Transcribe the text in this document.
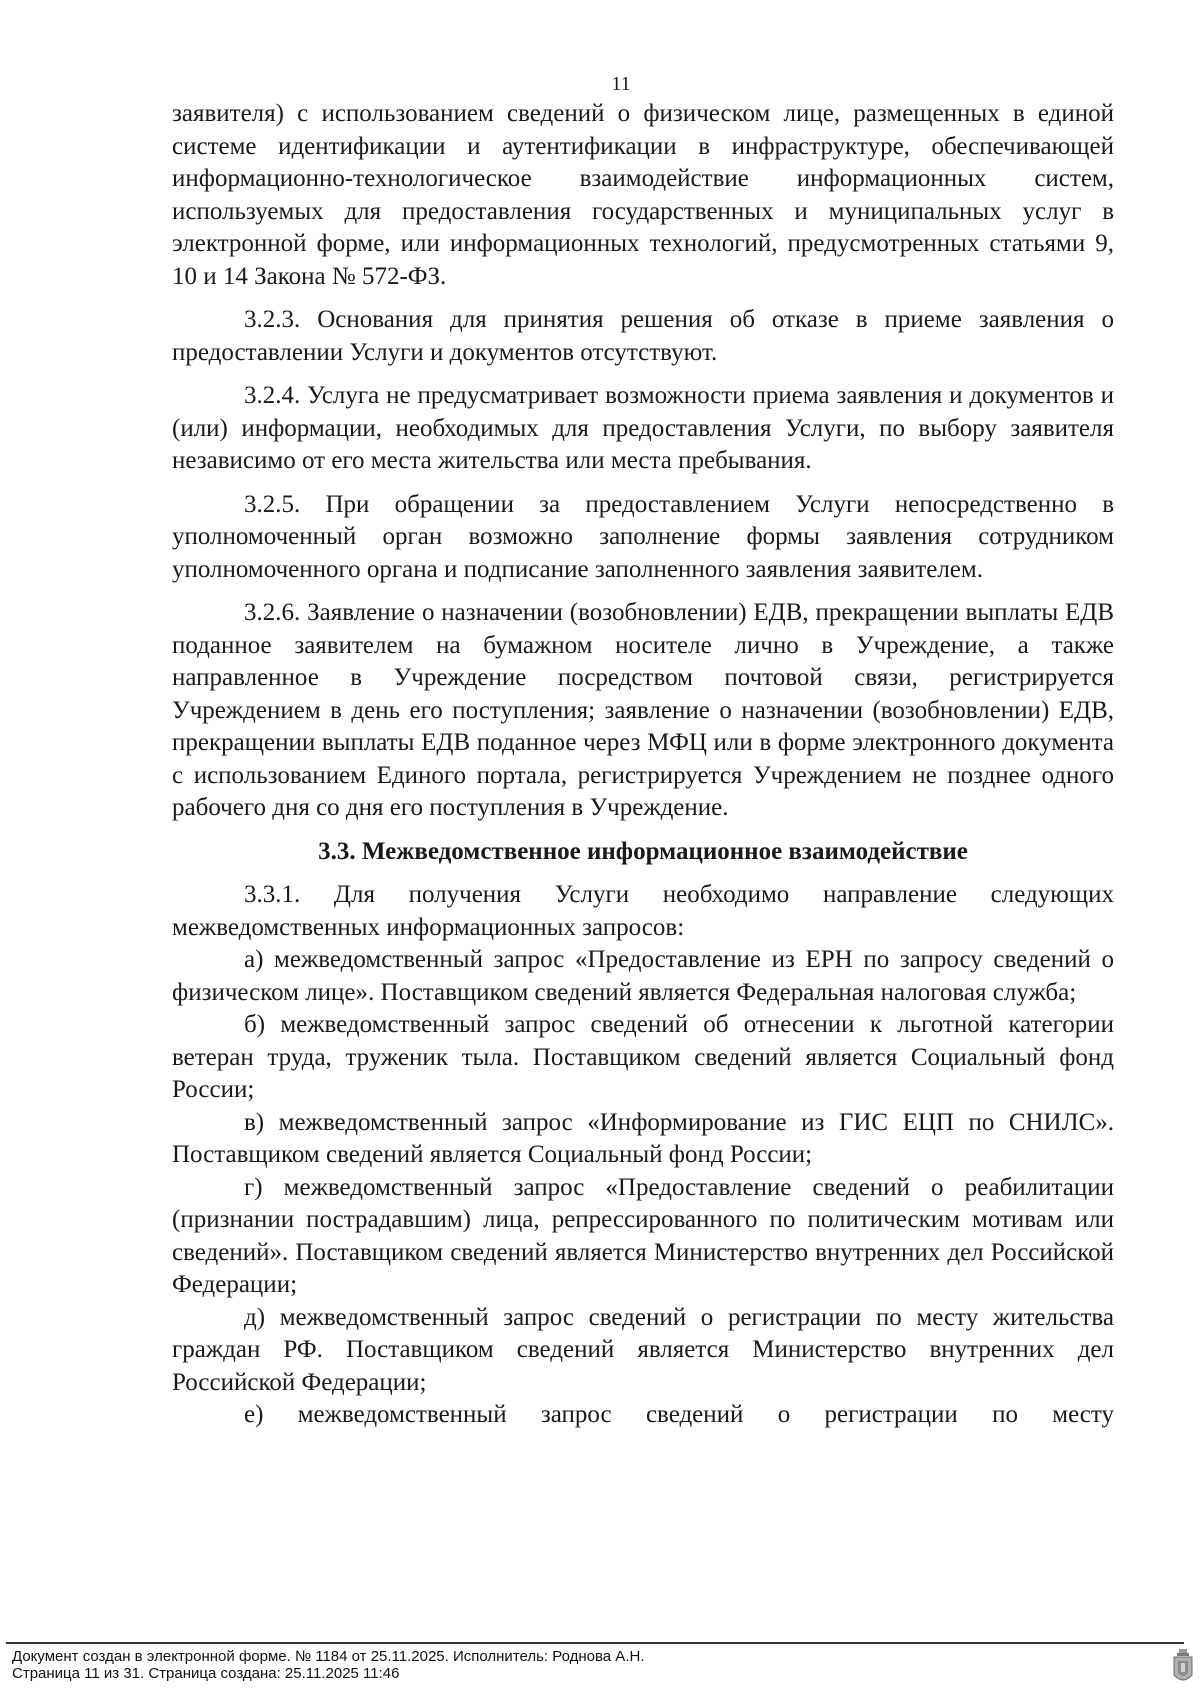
11

заявителя) с использованием сведений о физическом лице, размещенных в единой системе идентификации и аутентификации в инфраструктуре, обеспечивающей информационно-технологическое взаимодействие информационных систем, используемых для предоставления государственных и муниципальных услуг в электронной форме, или информационных технологий, предусмотренных статьями 9, 10 и 14 Закона № 572-ФЗ.

3.2.3. Основания для принятия решения об отказе в приеме заявления о предоставлении Услуги и документов отсутствуют.

3.2.4. Услуга не предусматривает возможности приема заявления и документов и (или) информации, необходимых для предоставления Услуги, по выбору заявителя независимо от его места жительства или места пребывания.

3.2.5. При обращении за предоставлением Услуги непосредственно в уполномоченный орган возможно заполнение формы заявления сотрудником уполномоченного органа и подписание заполненного заявления заявителем.

3.2.6. Заявление о назначении (возобновлении) ЕДВ, прекращении выплаты ЕДВ поданное заявителем на бумажном носителе лично в Учреждение, а также направленное в Учреждение посредством почтовой связи, регистрируется Учреждением в день его поступления; заявление о назначении (возобновлении) ЕДВ, прекращении выплаты ЕДВ поданное через МФЦ или в форме электронного документа с использованием Единого портала, регистрируется Учреждением не позднее одного рабочего дня со дня его поступления в Учреждение.

3.3. Межведомственное информационное взаимодействие

3.3.1. Для получения Услуги необходимо направление следующих межведомственных информационных запросов:

а) межведомственный запрос «Предоставление из ЕРН по запросу сведений о физическом лице». Поставщиком сведений является Федеральная налоговая служба;

б) межведомственный запрос сведений об отнесении к льготной категории ветеран труда, труженик тыла. Поставщиком сведений является Социальный фонд России;

в) межведомственный запрос «Информирование из ГИС ЕЦП по СНИЛС». Поставщиком сведений является Социальный фонд России;

г) межведомственный запрос «Предоставление сведений о реабилитации (признании пострадавшим) лица, репрессированного по политическим мотивам или сведений». Поставщиком сведений является Министерство внутренних дел Российской Федерации;

д) межведомственный запрос сведений о регистрации по месту жительства граждан РФ. Поставщиком сведений является Министерство внутренних дел Российской Федерации;

е) межведомственный запрос сведений о регистрации по месту

Документ создан в электронной форме. № 1184 от 25.11.2025. Исполнитель: Роднова А.Н.
Страница 11 из 31. Страница создана: 25.11.2025 11:46
